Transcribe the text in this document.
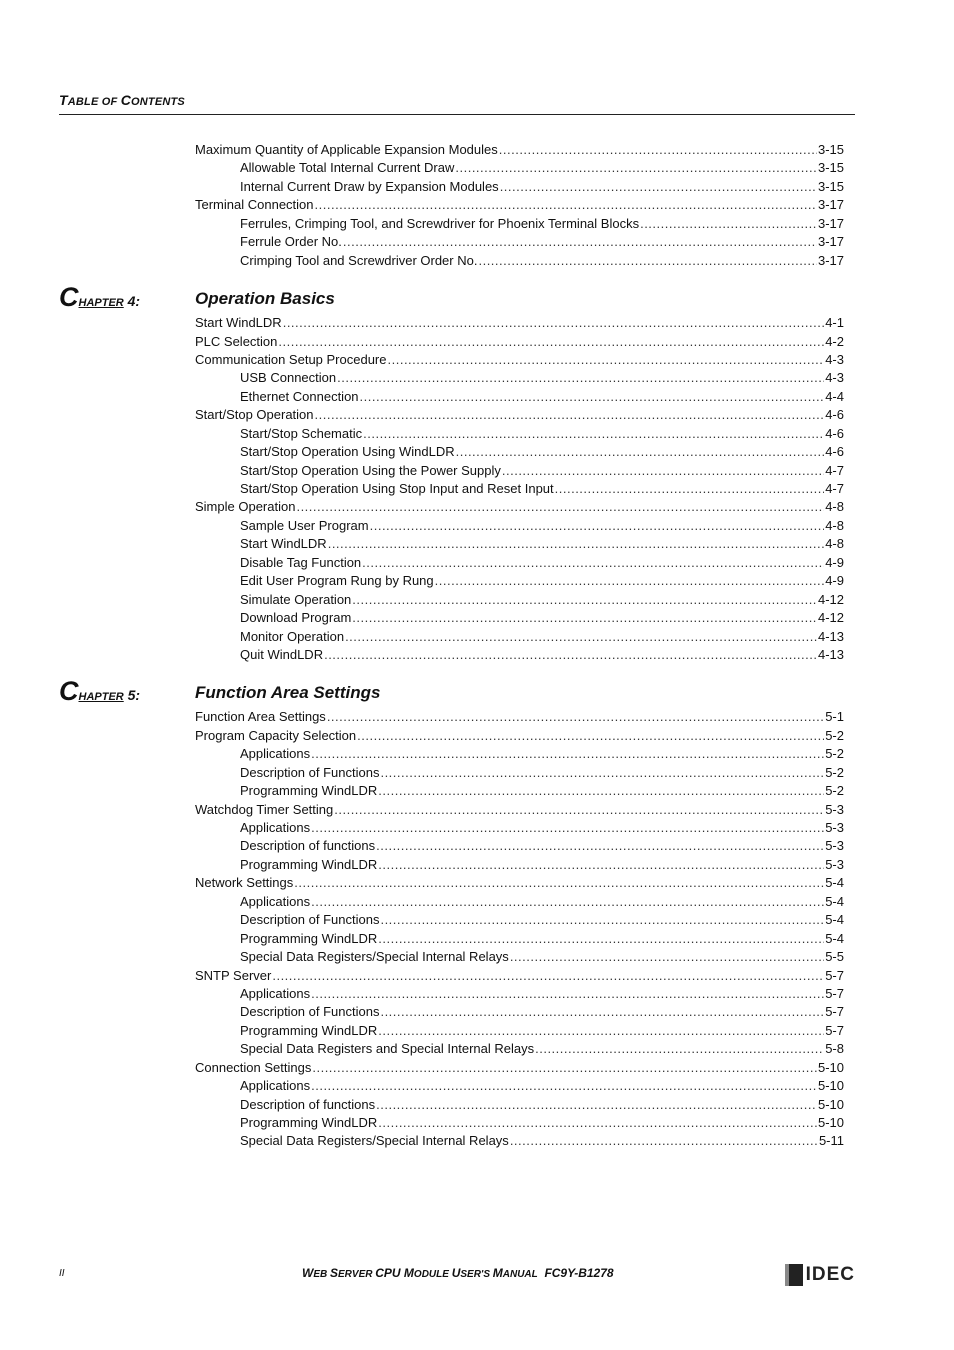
TABLE OF CONTENTS
Maximum Quantity of Applicable Expansion Modules .....	3-15
Allowable Total Internal Current Draw .....	3-15
Internal Current Draw by Expansion Modules .....	3-15
Terminal Connection .....	3-17
Ferrules, Crimping Tool, and Screwdriver for Phoenix Terminal Blocks .....	3-17
Ferrule Order No. .....	3-17
Crimping Tool and Screwdriver Order No. .....	3-17
CHAPTER 4:	Operation Basics
Start WindLDR .....	4-1
PLC Selection .....	4-2
Communication Setup Procedure .....	4-3
USB Connection .....	4-3
Ethernet Connection .....	4-4
Start/Stop Operation .....	4-6
Start/Stop Schematic .....	4-6
Start/Stop Operation Using WindLDR .....	4-6
Start/Stop Operation Using the Power Supply .....	4-7
Start/Stop Operation Using Stop Input and Reset Input .....	4-7
Simple Operation .....	4-8
Sample User Program .....	4-8
Start WindLDR .....	4-8
Disable Tag Function .....	4-9
Edit User Program Rung by Rung .....	4-9
Simulate Operation .....	4-12
Download Program .....	4-12
Monitor Operation .....	4-13
Quit WindLDR .....	4-13
CHAPTER 5:	Function Area Settings
Function Area Settings .....	5-1
Program Capacity Selection .....	5-2
Applications .....	5-2
Description of Functions .....	5-2
Programming WindLDR .....	5-2
Watchdog Timer Setting .....	5-3
Applications .....	5-3
Description of functions .....	5-3
Programming WindLDR .....	5-3
Network Settings .....	5-4
Applications .....	5-4
Description of Functions .....	5-4
Programming WindLDR .....	5-4
Special Data Registers/Special Internal Relays .....	5-5
SNTP Server .....	5-7
Applications .....	5-7
Description of Functions .....	5-7
Programming WindLDR .....	5-7
Special Data Registers and Special Internal Relays .....	5-8
Connection Settings .....	5-10
Applications .....	5-10
Description of functions .....	5-10
Programming WindLDR .....	5-10
Special Data Registers/Special Internal Relays .....	5-11
II	WEB SERVER CPU MODULE USER'S MANUAL FC9Y-B1278	IDEC
